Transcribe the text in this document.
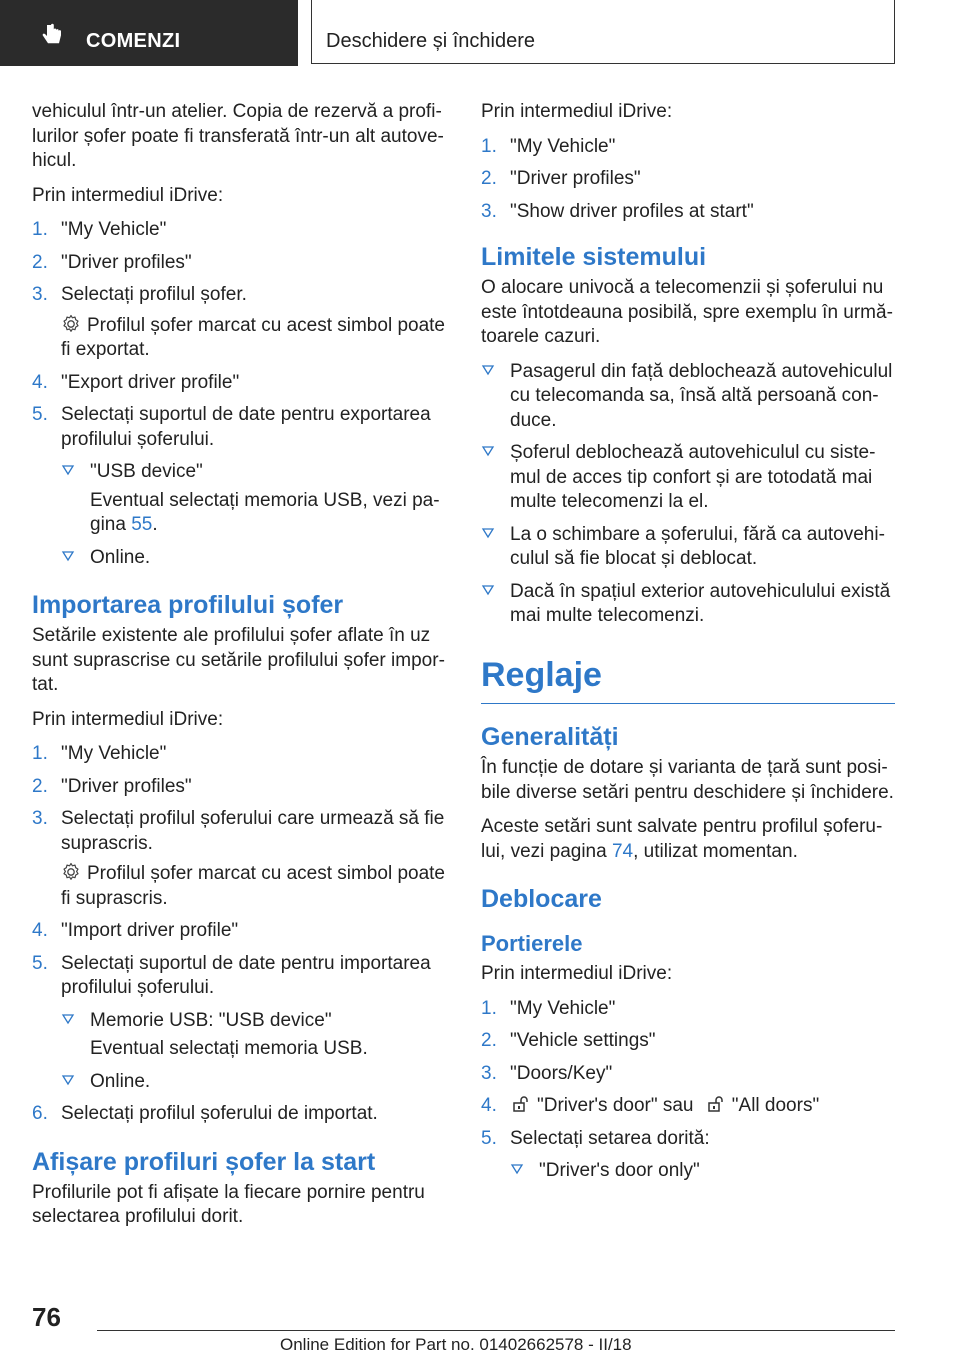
COMENZI	Deschidere și închidere

vehiculul într-un atelier. Copia de rezervă a profilurilor șofer poate fi transferată într-un alt autovehicul.

Prin intermediul iDrive:

1. "My Vehicle"
2. "Driver profiles"
3. Selectați profilul șofer.
Profilul șofer marcat cu acest simbol poate fi exportat.
4. "Export driver profile"
5. Selectați suportul de date pentru exportarea profilului șoferului.
"USB device"
Eventual selectați memoria USB, vezi pagina 55.
Online.
Importarea profilului șofer

Setările existente ale profilului șofer aflate în uz sunt suprascrise cu setările profilului șofer importat.

Prin intermediul iDrive:

1. "My Vehicle"
2. "Driver profiles"
3. Selectați profilul șoferului care urmează să fie suprascris.
Profilul șofer marcat cu acest simbol poate fi suprascris.
4. "Import driver profile"
5. Selectați suportul de date pentru importarea profilului șoferului.
Memorie USB: "USB device"
Eventual selectați memoria USB.
Online.
6. Selectați profilul șoferului de importat.
Afișare profiluri șofer la start

Profilurile pot fi afișate la fiecare pornire pentru selectarea profilului dorit.

Prin intermediul iDrive:

1. "My Vehicle"
2. "Driver profiles"
3. "Show driver profiles at start"
Limitele sistemului

O alocare univocă a telecomenzii și șoferului nu este întotdeauna posibilă, spre exemplu în următoarele cazuri.

Pasagerul din față deblochează autovehiculul cu telecomanda sa, însă altă persoană conduce.
Șoferul deblochează autovehiculul cu sistemul de acces tip confort și are totodată mai multe telecomenzi la el.
La o schimbare a șoferului, fără ca autovehiculul să fie blocat și deblocat.
Dacă în spațiul exterior autovehiculului există mai multe telecomenzi.
Reglaje
Generalități

În funcție de dotare și varianta de țară sunt posibile diverse setări pentru deschidere și închidere.

Aceste setări sunt salvate pentru profilul șoferului, vezi pagina 74, utilizat momentan.

Deblocare
Portierele

Prin intermediul iDrive:

1. "My Vehicle"
2. "Vehicle settings"
3. "Doors/Key"
4. "Driver's door" sau "All doors"
5. Selectați setarea dorită:
"Driver's door only"
76
Online Edition for Part no. 01402662578 - II/18
